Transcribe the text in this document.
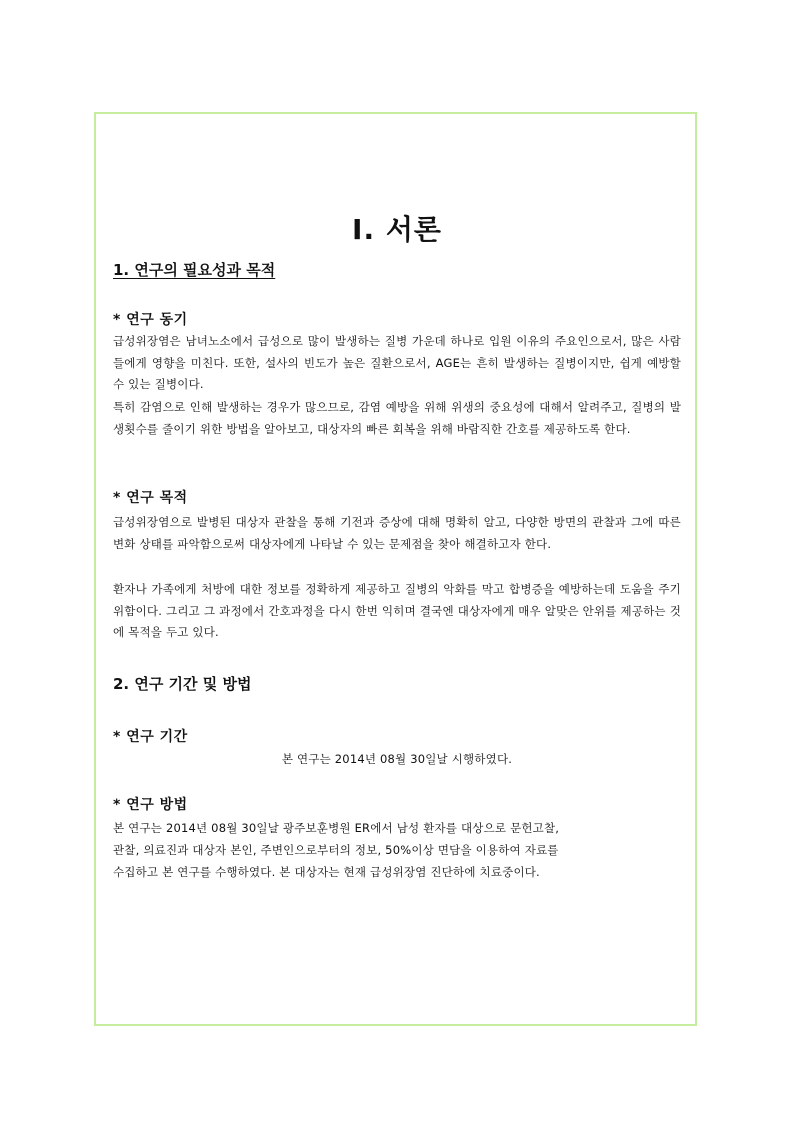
Ⅰ. 서론
1. 연구의 필요성과 목적
* 연구 동기

급성위장염은 남녀노소에서 급성으로 많이 발생하는 질병 가운데 하나로 입원 이유의 주요인으로서, 많은 사람들에게 영향을 미친다. 또한, 설사의 빈도가 높은 질환으로서, AGE는 흔히 발생하는 질병이지만, 쉽게 예방할 수 있는 질병이다.

특히 감염으로 인해 발생하는 경우가 많으므로, 감염 예방을 위해 위생의 중요성에 대해서 알려주고, 질병의 발생횟수를 줄이기 위한 방법을 알아보고, 대상자의 빠른 회복을 위해 바람직한 간호를 제공하도록 한다.

* 연구 목적

급성위장염으로 발병된 대상자 관찰을 통해 기전과 증상에 대해 명확히 알고, 다양한 방면의 관찰과 그에 따른 변화 상태를 파악함으로써 대상자에게 나타날 수 있는 문제점을 찾아 해결하고자 한다.

환자나 가족에게 처방에 대한 정보를 정확하게 제공하고 질병의 악화를 막고 합병증을 예방하는데 도움을 주기 위함이다. 그리고 그 과정에서 간호과정을 다시 한번 익히며 결국엔 대상자에게 매우 알맞은 안위를 제공하는 것에 목적을 두고 있다.

2. 연구 기간 및 방법
* 연구 기간

본 연구는 2014년 08월 30일날 시행하였다.

* 연구 방법

본 연구는 2014년 08월 30일날 광주보훈병원 ER에서 남성 환자를 대상으로 문헌고찰,

관찰, 의료진과 대상자 본인, 주변인으로부터의 정보, 50%이상 면담을 이용하여 자료를

수집하고 본 연구를 수행하였다. 본 대상자는 현재 급성위장염 진단하에 치료중이다.
